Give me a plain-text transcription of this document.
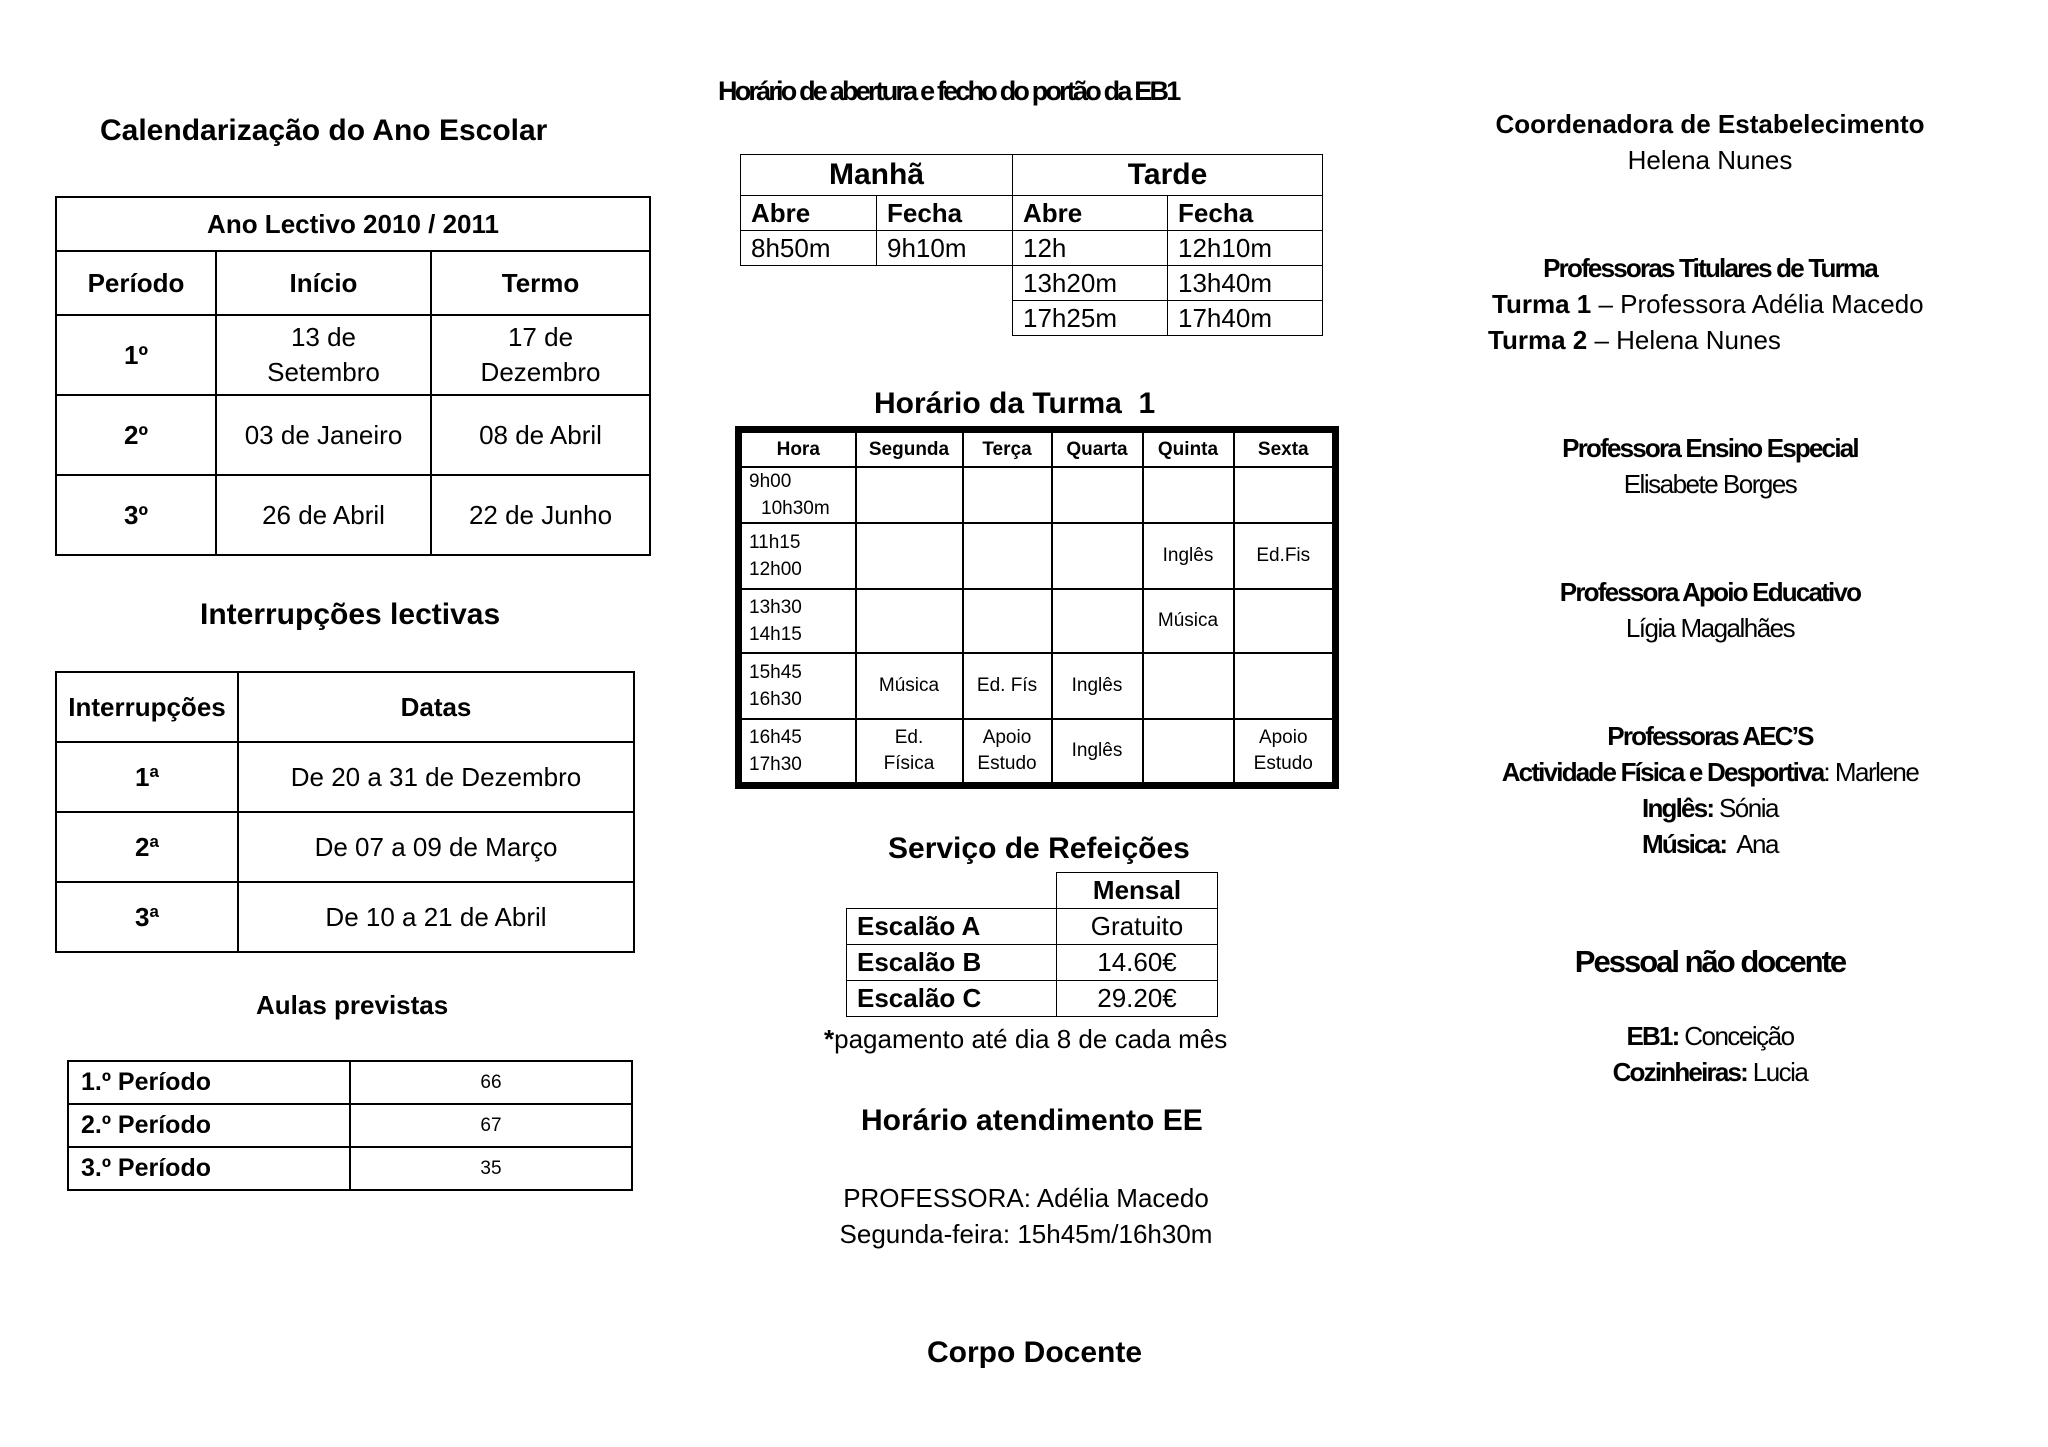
Calendarização do Ano Escolar
Ano Lectivo 2010 / 2011		
Período	Início	Termo
1º	13 de Setembro	17 de Dezembro
2º	03 de Janeiro	08 de Abril
3º	26 de Abril	22 de Junho
Interrupções lectivas
Interrupções	Datas
1ª	De 20 a 31 de Dezembro
2ª	De 07 a 09 de Março
3ª	De 10 a 21 de Abril
Aulas previstas
1.º Período	66
2.º Período	67
3.º Período	35
Horário de abertura e fecho do portão da EB1
Manhã		Tarde	
Abre	Fecha	Abre	Fecha
8h50m	9h10m	12h	12h10m
		13h20m	13h40m
		17h25m	17h40m
Horário da Turma  1
Hora	Segunda	Terça	Quarta	Quinta	Sexta

9h00
10h30m					

11h15
12h00				Inglês	Ed.Fis

13h30
14h15				Música	

15h45
16h30	Música	Ed. Fís	Inglês		

16h45
17h30	Ed. Física	Apoio Estudo	Inglês		Apoio Estudo
Serviço de Refeições
	Mensal
Escalão A	Gratuito
Escalão B	14.60€
Escalão C	29.20€
*pagamento até dia 8 de cada mês
Horário atendimento EE
PROFESSORA: Adélia Macedo
Segunda-feira: 15h45m/16h30m
Corpo Docente
Coordenadora de Estabelecimento
Helena Nunes
Professoras Titulares de Turma
Turma 1 – Professora Adélia Macedo
Turma 2 – Helena Nunes
Professora Ensino Especial
Elisabete Borges
Professora Apoio Educativo
Lígia Magalhães
Professoras AEC’S
Actividade Física e Desportiva: Marlene
Inglês: Sónia
Música:  Ana
Pessoal não docente
EB1: Conceição
Cozinheiras: Lucia
